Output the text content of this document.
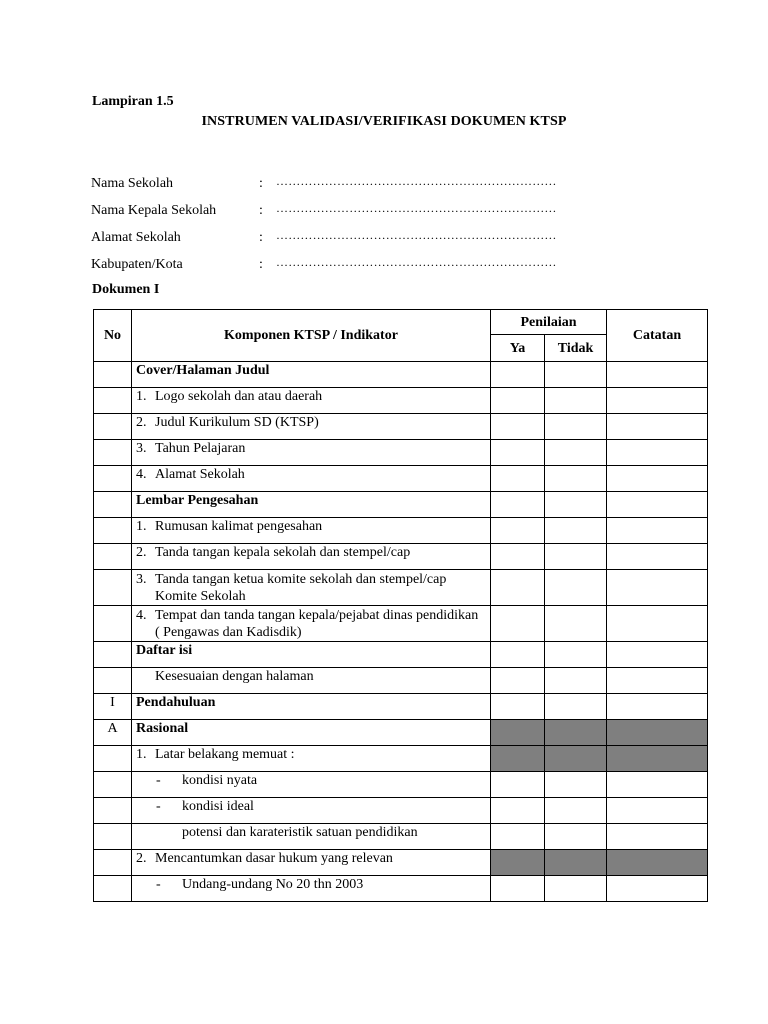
Lampiran 1.5
INSTRUMEN VALIDASI/VERIFIKASI DOKUMEN KTSP
Nama Sekolah	: ……………………………………………………………
Nama Kepala Sekolah	: ……………………………………………………………
Alamat Sekolah	: ……………………………………………………………
Kabupaten/Kota	: ……………………………………………………………
Dokumen I
No	Komponen KTSP / Indikator	Penilaian		Catatan
		Ya	Tidak	

	Cover/Halaman Judul			

	1. Logo sekolah dan atau daerah			

	2. Judul Kurikulum SD (KTSP)			

	3. Tahun Pelajaran			

	4. Alamat Sekolah			

	Lembar Pengesahan			

	1. Rumusan kalimat pengesahan			

	2. Tanda tangan kepala sekolah dan stempel/cap			

	3. Tanda tangan ketua komite sekolah dan stempel/cap Komite Sekolah			

	4. Tempat dan tanda tangan kepala/pejabat dinas pendidikan ( Pengawas dan Kadisdik)			

	Daftar isi			

	Kesesuaian dengan halaman			

I	Pendahuluan			

A	Rasional			

	1. Latar belakang memuat :			

	- kondisi nyata			

	- kondisi ideal			

	potensi dan karateristik satuan pendidikan			

	2. Mencantumkan dasar hukum yang relevan			

	- Undang-undang No 20 thn 2003			
